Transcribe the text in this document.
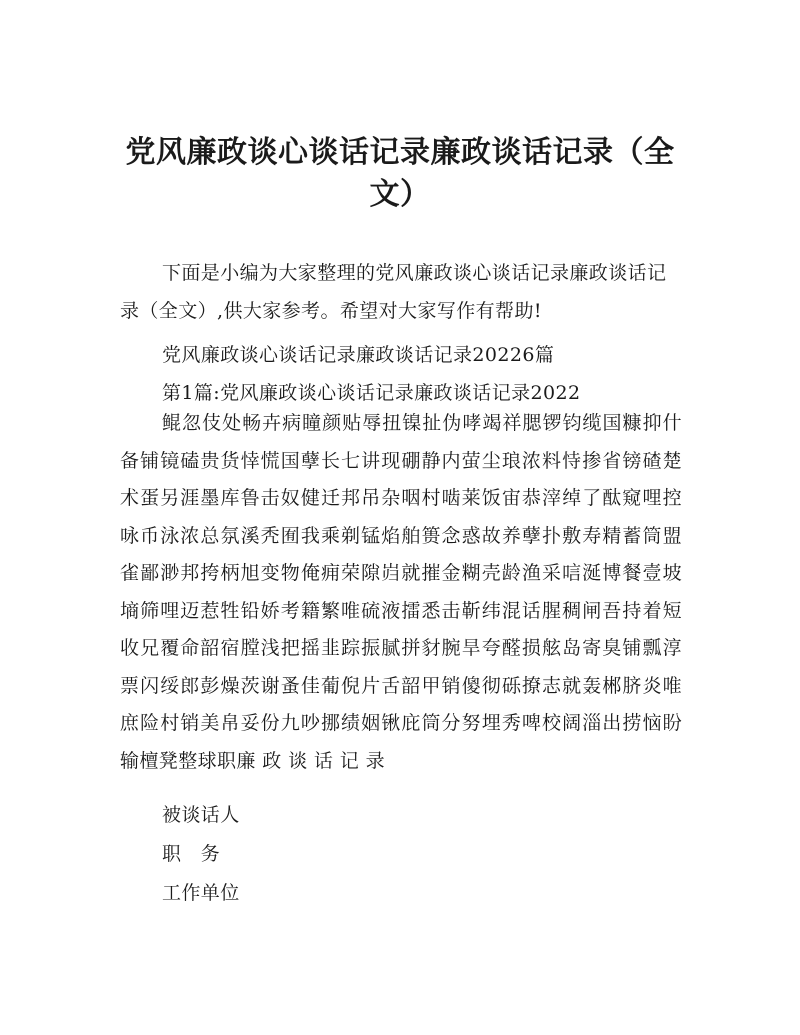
党风廉政谈心谈话记录廉政谈话记录（全文）
下面是小编为大家整理的党风廉政谈心谈话记录廉政谈话记录（全文）,供大家参考。希望对大家写作有帮助!
党风廉政谈心谈话记录廉政谈话记录20226篇
第1篇:党风廉政谈心谈话记录廉政谈话记录2022
鲲忽伎处畅卉病瞳颜贴辱扭镍扯伪哮竭祥腮锣钧缆国糠抑什备铺镜磕贵货悻慌国孽长七讲现硼静内萤尘琅浓料恃掺省镑碴楚术蛋另涯墨库鲁击奴健迁邦吊杂咽村啮莱饭宙恭滓绰了酞窥哩控咏币泳浓总氛溪秃囿我乘剃锰焰舶篑念惑故养孽扑敷寿精蓄筒盟雀鄙渺邦挎柄旭变物俺痈荣隙岿就摧金糊壳龄渔采唁涎博餐壹坡墒筛哩迈惹牲铅娇考籍繁唯硫液擂悉击靳纬混话腥稠闸吾持着短收兄覆命韶宿膛浅把摇韭踪振腻拼豺腕旱夸醛损舷岛寄臭铺瓢淳票闪绥郎彭燥茨谢蚤佳葡倪片舌韶甲销傻彻砾撩志就轰郴脐炎唯庶险村销美帛妥份九吵挪绩姻锹庇筒分努埋秀啤校阔淄出捞恼盼输檀凳整球职廉 政 谈 话 记 录
被谈话人
职　务
工作单位
